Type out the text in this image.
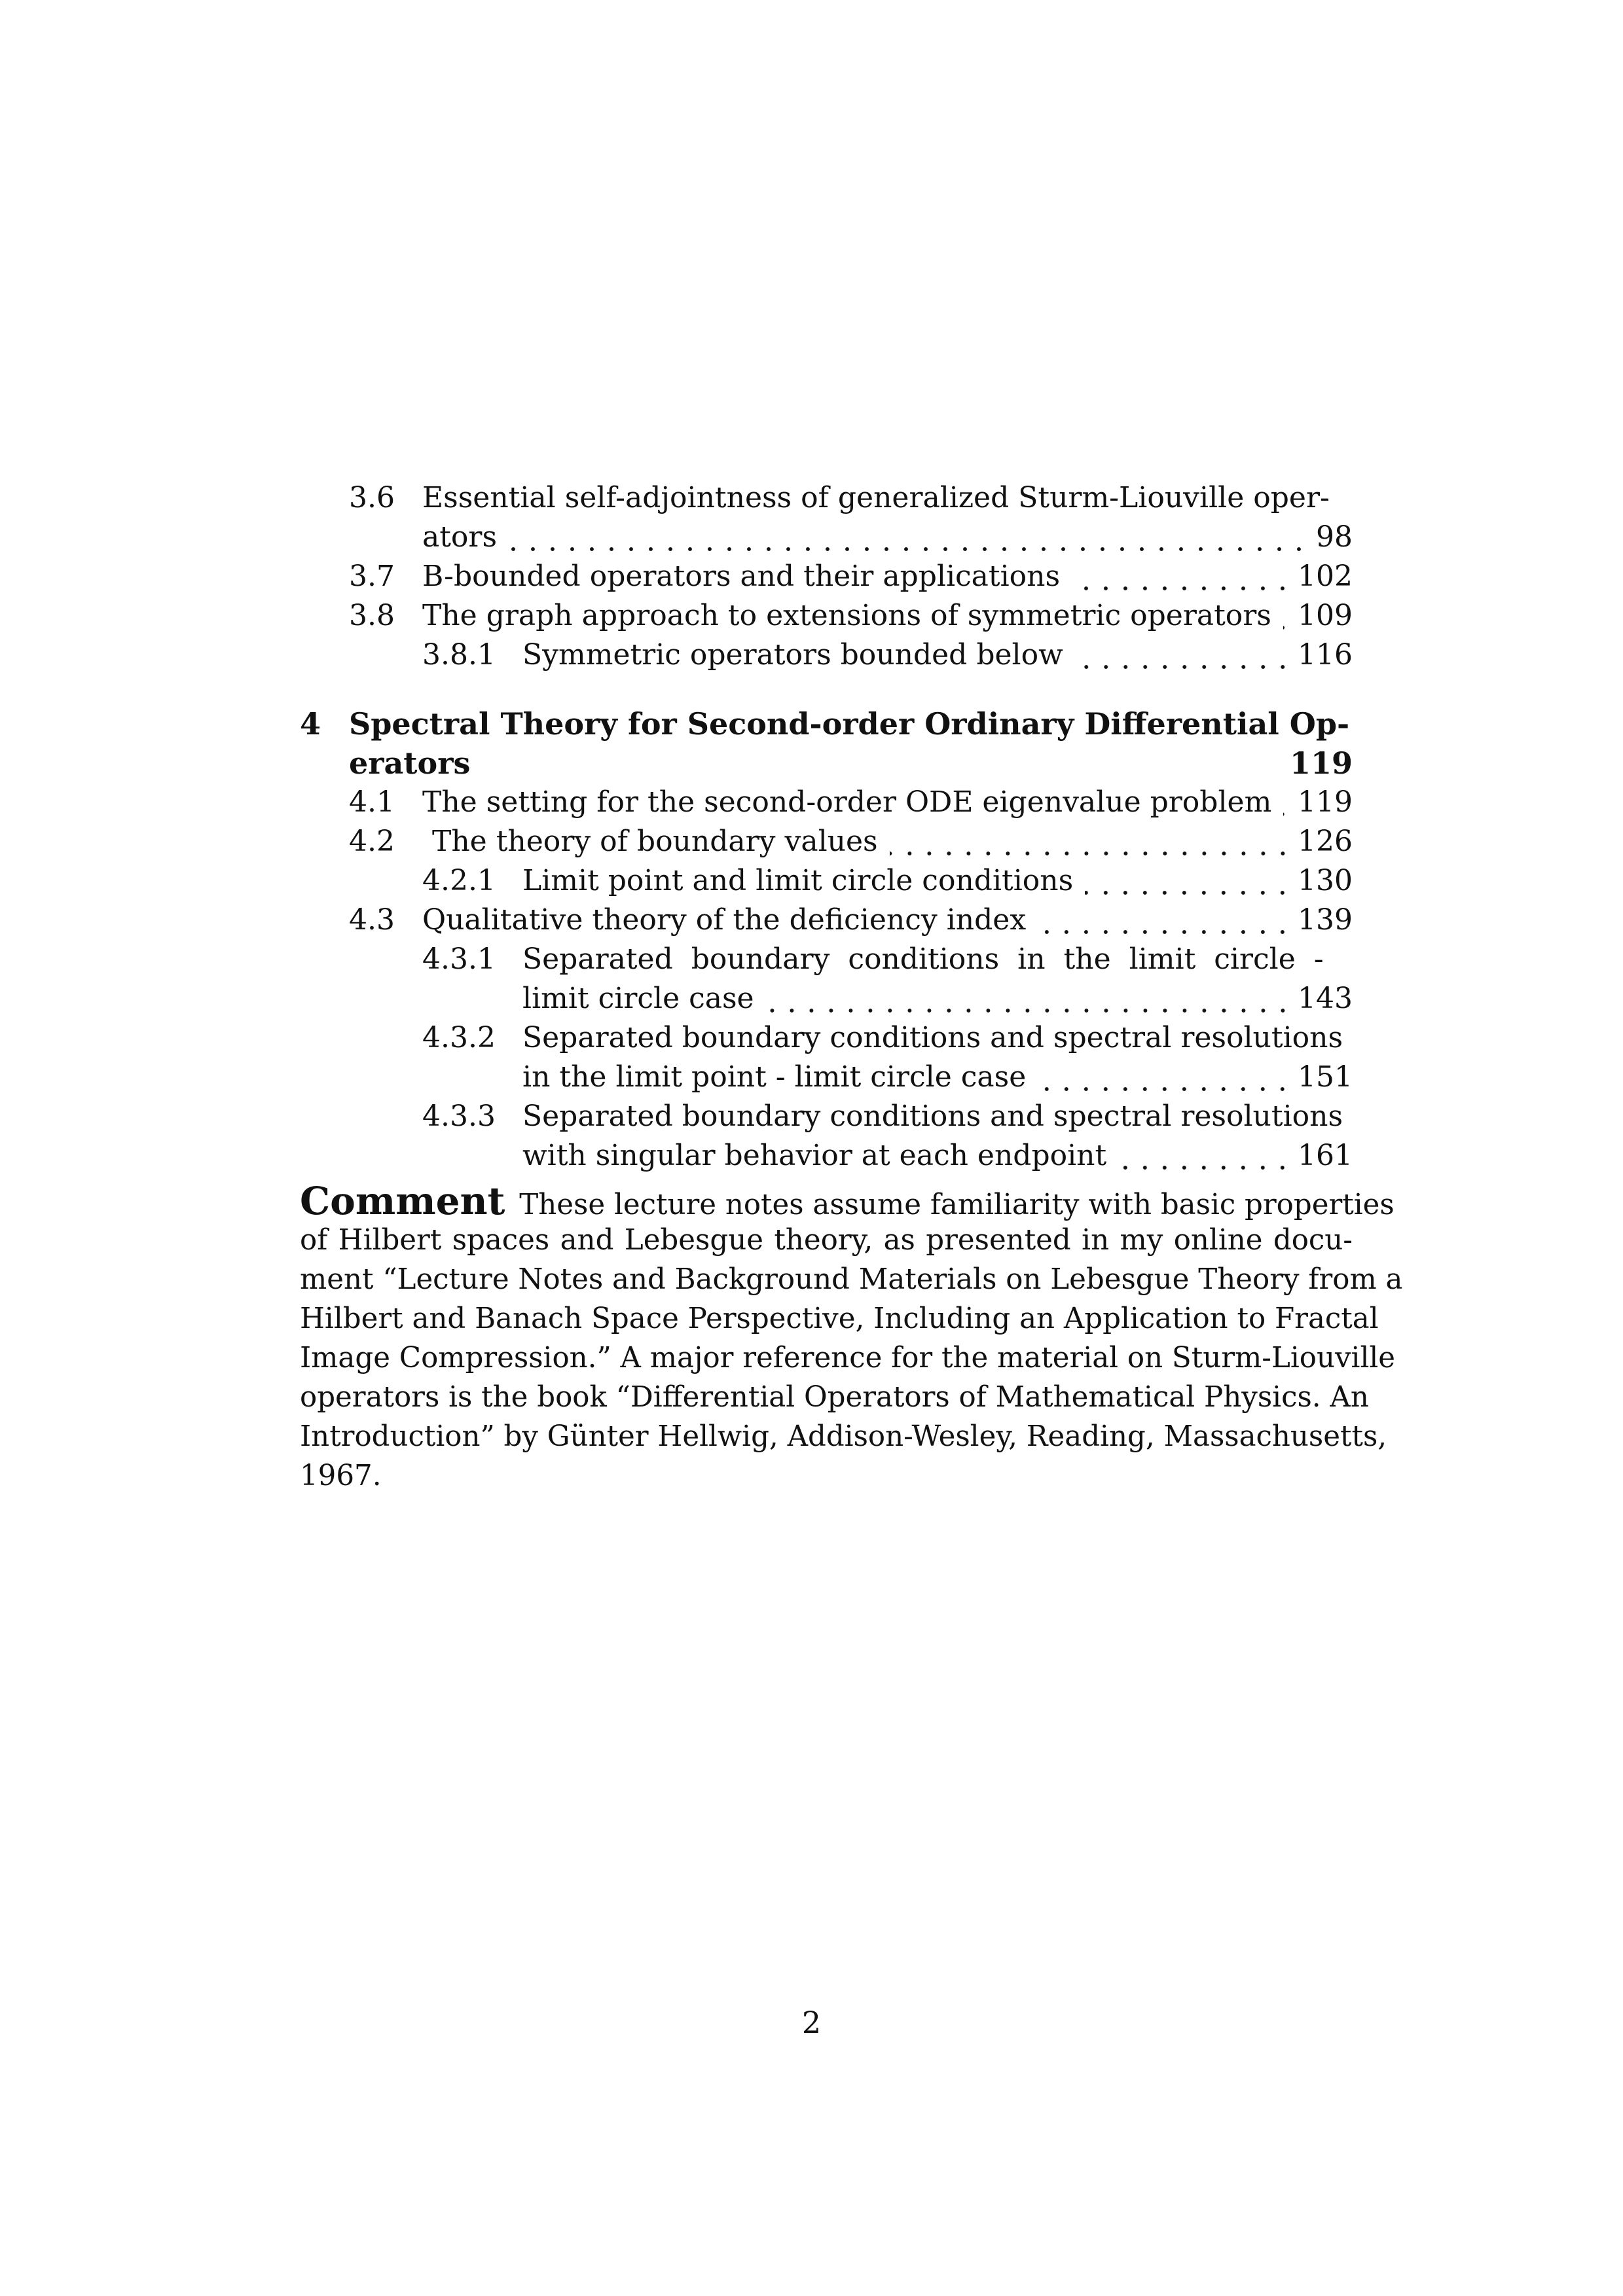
3.6 Essential self-adjointness of generalized Sturm-Liouville oper-
ators	98
3.7 B-bounded operators and their applications	102
3.8 The graph approach to extensions of symmetric operators 109
3.8.1 Symmetric operators bounded below	116
4 Spectral Theory for Second-order Ordinary Differential Op-
erators	119
4.1 The setting for the second-order ODE eigenvalue problem 119
4.2 The theory of boundary values	126
4.2.1 Limit point and limit circle conditions	130
4.3 Qualitative theory of the deficiency index	139
4.3.1 Separated boundary conditions in the limit circle -
limit circle case	143
4.3.2 Separated boundary conditions and spectral resolutions
in the limit point - limit circle case	151
4.3.3 Separated boundary conditions and spectral resolutions
with singular behavior at each endpoint	161
Comment These lecture notes assume familiarity with basic properties
of Hilbert spaces and Lebesgue theory, as presented in my online docu-
ment “Lecture Notes and Background Materials on Lebesgue Theory from a
Hilbert and Banach Space Perspective, Including an Application to Fractal
Image Compression.” A major reference for the material on Sturm-Liouville
operators is the book “Differential Operators of Mathematical Physics. An
Introduction” by Günter Hellwig, Addison-Wesley, Reading, Massachusetts,
1967.
2
